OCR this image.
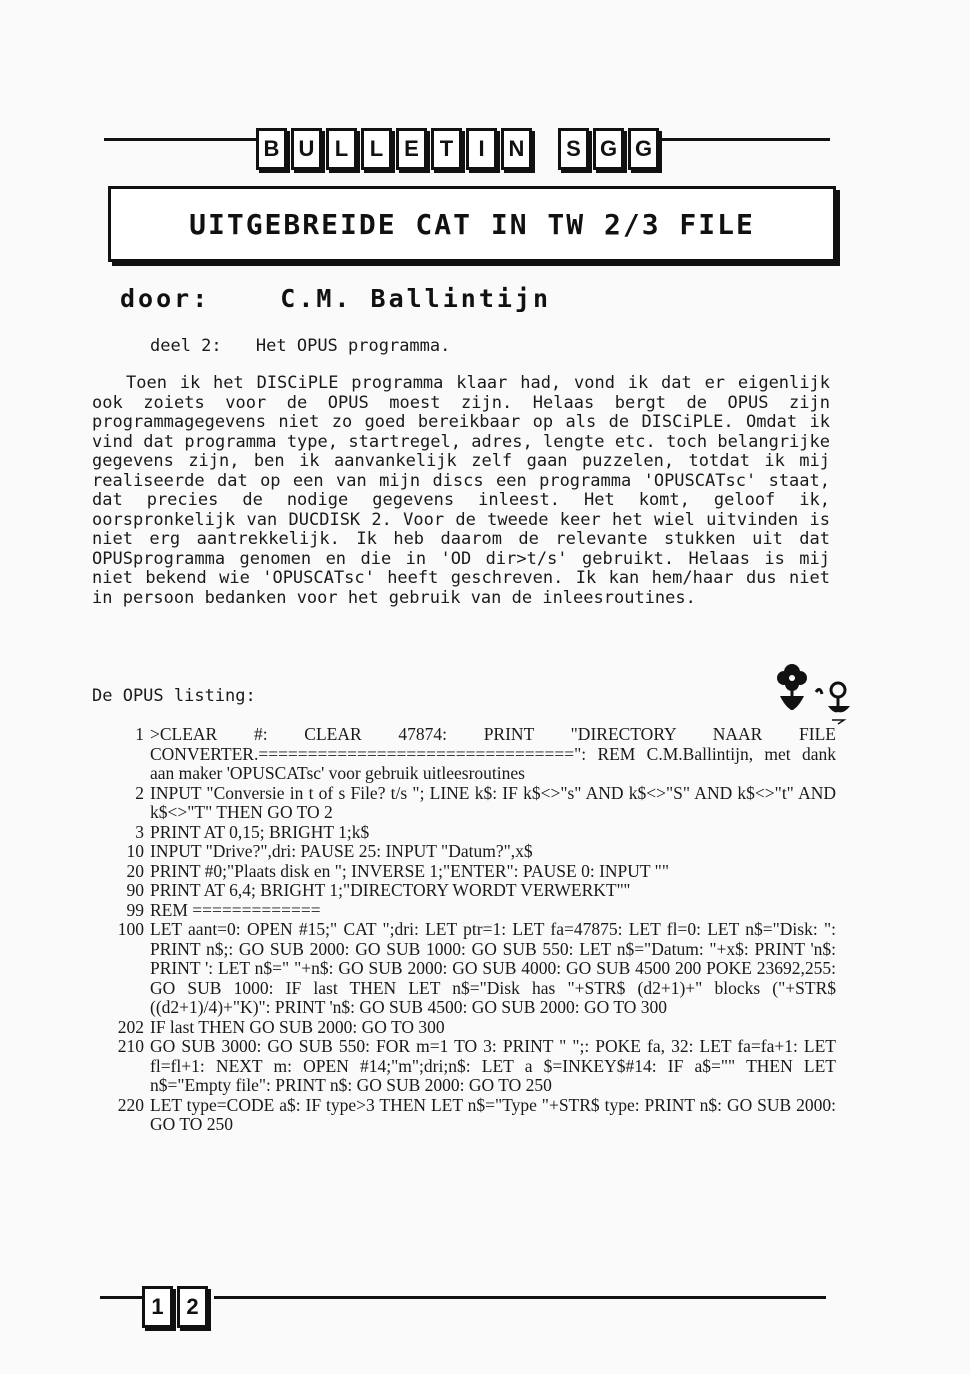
B U L L E T	I	N	S G G
UITGEBREIDE CAT IN TW 2/3 FILE
door:	C.M. Ballintijn
deel 2: Het OPUS programma.

Toen ik het DISCiPLE programma klaar had, vond ik dat er eigenlijk ook zoiets voor de OPUS moest zijn. Helaas bergt de OPUS zijn programmagegevens niet zo goed bereikbaar op als de DISCiPLE. Omdat ik vind dat programma type, startregel, adres, lengte etc. toch belangrijke gegevens zijn, ben ik aanvankelijk zelf gaan puzzelen, totdat ik mij realiseerde dat op een van mijn discs een programma 'OPUSCATsc' staat, dat precies de nodige gegevens inleest. Het komt, geloof ik, oorspronkelijk van DUCDISK 2. Voor de tweede keer het wiel uitvinden is niet erg aantrekkelijk. Ik heb daarom de relevante stukken uit dat OPUSprogramma genomen en die in 'OD dir>t/s' gebruikt. Helaas is mij niet bekend wie 'OPUSCATsc' heeft geschreven. Ik kan hem/haar dus niet in persoon bedanken voor het gebruik van de inleesroutines.

De OPUS listing:
1 >CLEAR #: CLEAR 47874: PRINT "DIRECTORY NAAR FILE CONVERTER.================================": REM C.M.Ballintijn, met dank aan maker 'OPUSCATsc' voor gebruik uitleesroutines
2 INPUT "Conversie in t of s File? t/s "; LINE k$: IF k$<>"s" AND k$<>"S" AND k$<>"t" AND k$<>"T" THEN GO TO 2
3 PRINT AT 0,15; BRIGHT 1;k$
10 INPUT "Drive?",dri: PAUSE 25: INPUT "Datum?",x$
20 PRINT #0;"Plaats disk en "; INVERSE 1;"ENTER": PAUSE 0: INPUT ""
90 PRINT AT 6,4; BRIGHT 1;"DIRECTORY WORDT VERWERKT"''
99 REM =============
100 LET aant=0: OPEN #15;" CAT ";dri: LET ptr=1: LET fa=47875: LET fl=0: LET n$="Disk: ": PRINT n$;: GO SUB 2000: GO SUB 1000: GO SUB 550: LET n$="Datum: "+x$: PRINT 'n$: PRINT ': LET n$=" "+n$: GO SUB 2000: GO SUB 4000: GO SUB 4500 200 POKE 23692,255: GO SUB 1000: IF last THEN LET n$="Disk has "+STR$ (d2+1)+" blocks ("+STR$ ((d2+1)/4)+"K)": PRINT 'n$: GO SUB 4500: GO SUB 2000: GO TO 300
202 IF last THEN GO SUB 2000: GO TO 300
210 GO SUB 3000: GO SUB 550: FOR m=1 TO 3: PRINT " ";: POKE fa, 32: LET fa=fa+1: LET fl=fl+1: NEXT m: OPEN #14;"m";dri;n$: LET a $=INKEY$#14: IF a$="" THEN LET n$="Empty file": PRINT n$: GO SUB 2000: GO TO 250
220 LET type=CODE a$: IF type>3 THEN LET n$="Type "+STR$ type: PRINT n$: GO SUB 2000: GO TO 250
1	2
